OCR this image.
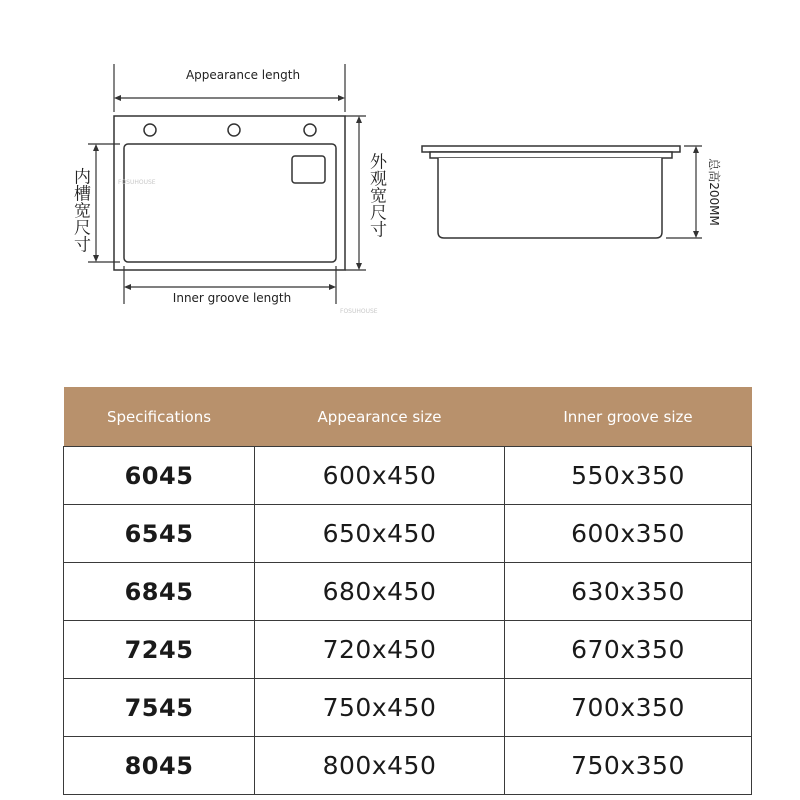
Appearance length
FOSUHOUSE
内槽宽尺寸	外观宽尺寸
Inner groove length
FOSUHOUSE
总高200MM
Specifications	Appearance size	Inner groove size
6045	600x450	550x350
6545	650x450	600x350
6845	680x450	630x350
7245	720x450	670x350
7545	750x450	700x350
8045	800x450	750x350
